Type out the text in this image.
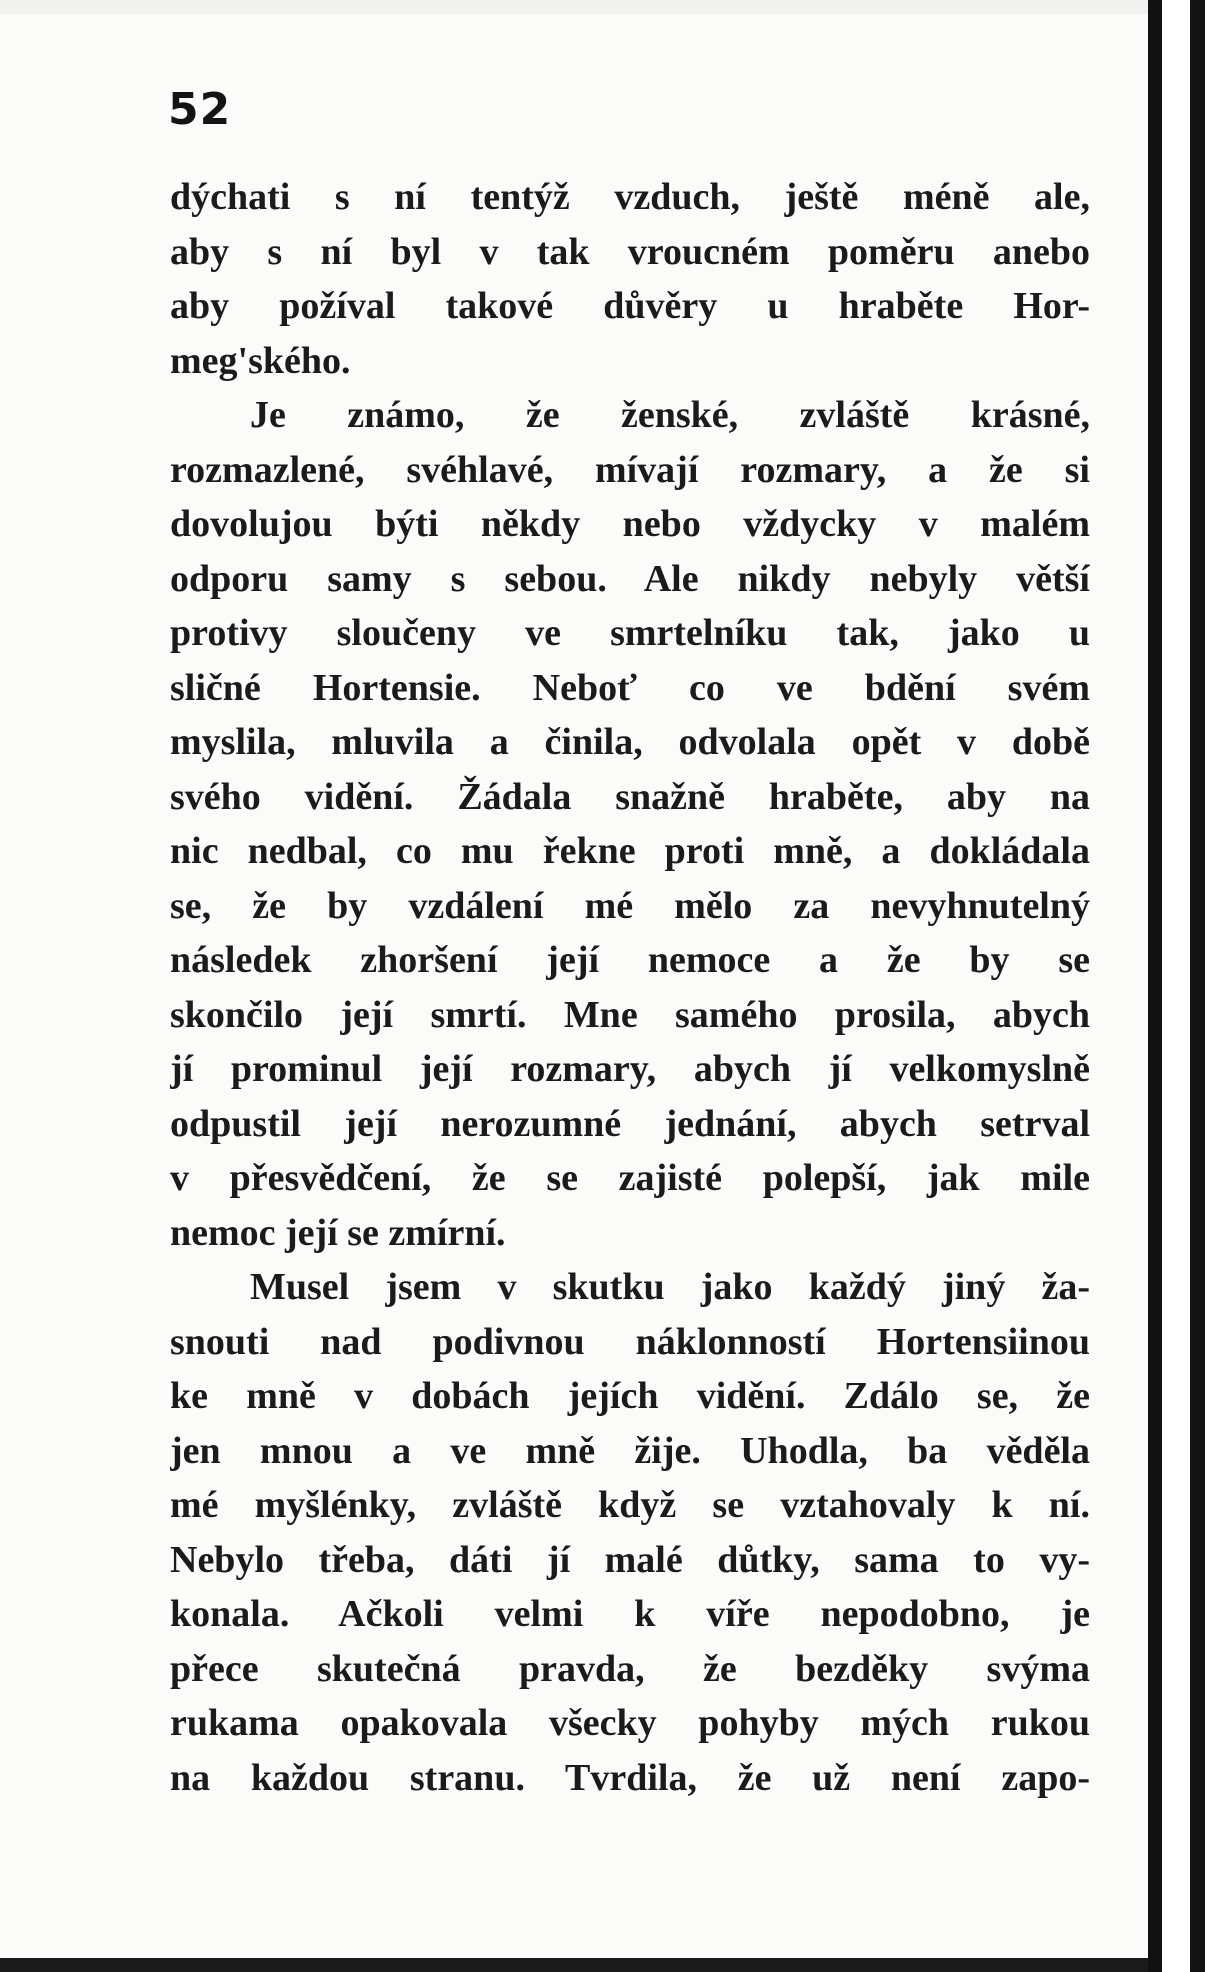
52
dýchati s ní tentýž vzduch, ještě méně ale,
aby s ní byl v tak vroucném poměru anebo
aby požíval takové důvěry u hraběte Hor-
meg'ského.
Je známo, že ženské, zvláště krásné,
rozmazlené, svéhlavé, mívají rozmary, a že si
dovolujou býti někdy nebo vždycky v malém
odporu samy s sebou. Ale nikdy nebyly větší
protivy sloučeny ve smrtelníku tak, jako u
sličné Hortensie. Neboť co ve bdění svém
myslila, mluvila a činila, odvolala opět v době
svého vidění. Žádala snažně hraběte, aby na
nic nedbal, co mu řekne proti mně, a dokládala
se, že by vzdálení mé mělo za nevyhnutelný
následek zhoršení její nemoce a že by se
skončilo její smrtí. Mne samého prosila, abych
jí prominul její rozmary, abych jí velkomyslně
odpustil její nerozumné jednání, abych setrval
v přesvědčení, že se zajisté polepší, jak mile
nemoc její se zmírní.
Musel jsem v skutku jako každý jiný ža-
snouti nad podivnou náklonností Hortensiinou
ke mně v dobách jejích vidění. Zdálo se, že
jen mnou a ve mně žije. Uhodla, ba věděla
mé myšlénky, zvláště když se vztahovaly k ní.
Nebylo třeba, dáti jí malé důtky, sama to vy-
konala. Ačkoli velmi k víře nepodobno, je
přece skutečná pravda, že bezděky svýma
rukama opakovala všecky pohyby mých rukou
na každou stranu. Tvrdila, že už není zapo-
